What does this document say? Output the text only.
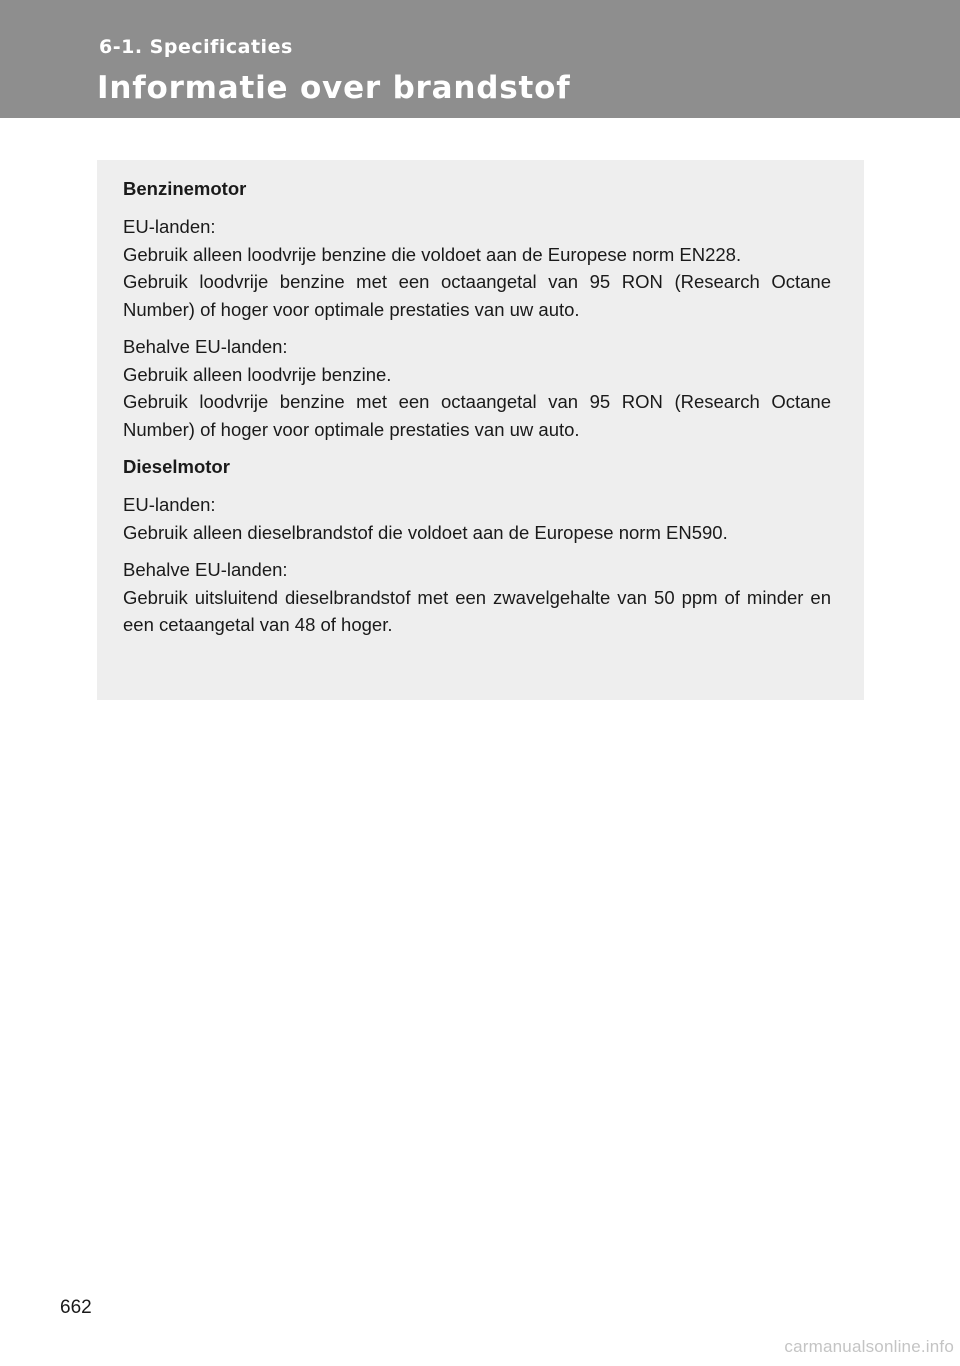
6-1. Specificaties
Informatie over brandstof
Benzinemotor

EU-landen:
Gebruik alleen loodvrije benzine die voldoet aan de Europese norm EN228.
Gebruik loodvrije benzine met een octaangetal van 95 RON (Research Octane Number) of hoger voor optimale prestaties van uw auto.

Behalve EU-landen:
Gebruik alleen loodvrije benzine.
Gebruik loodvrije benzine met een octaangetal van 95 RON (Research Octane Number) of hoger voor optimale prestaties van uw auto.

Dieselmotor

EU-landen:
Gebruik alleen dieselbrandstof die voldoet aan de Europese norm EN590.

Behalve EU-landen:
Gebruik uitsluitend dieselbrandstof met een zwavelgehalte van 50 ppm of minder en een cetaangetal van 48 of hoger.

662
carmanualsonline.info
